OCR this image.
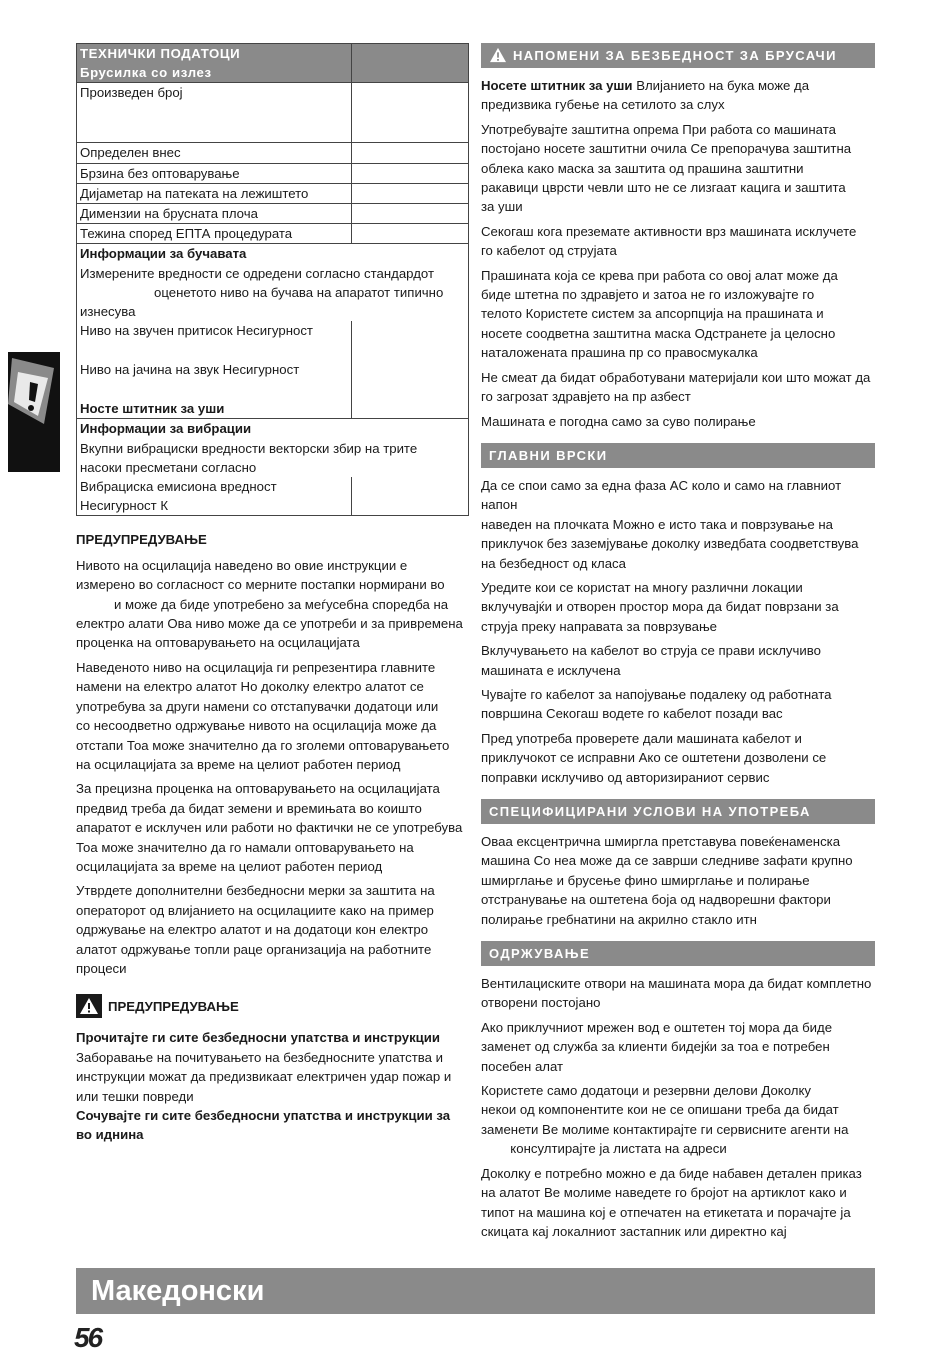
ТЕХНИЧКИ ПОДАТОЦИ
Брусилка со излез	

Произведен број	
Определен внес	
Брзина без оптоварување	
Дијаметар на патеката на лежиштето	
Димензии на брусната плоча	
Тежина според ЕПТА процедурата	

Информации за бучавата
Измерените вредности се одредени согласно стандардот
оценетото ниво на бучава на апаратот типично
изнесува	

Ниво на звучен притисок Несигурност	
Ниво на јачина на звук Несигурност	
Носте штитник за уши	

Информации за вибрации
Вкупни вибрациски вредности векторски збир на трите
насоки пресметани согласно	

Вибрациска емисиона вредност	
Несигурност К	
ПРЕДУПРЕДУВАЊЕ
Нивото на осцилација наведено во овие инструкции е
измерено во согласност со мерните постапки нормирани во
и може да биде употребено за меѓусебна споредба на
електро алати Ова ниво може да се употреби и за привремена
проценка на оптоварувањето на осцилацијата
Наведеното ниво на осцилација ги репрезентира главните
намени на електро алатот Но доколку електро алатот се
употребува за други намени со отстапувачки додатоци или
со несоодветно одржување нивото на осцилација може да
отстапи Тоа може значително да го зголеми оптоварувањето
на осцилацијата за време на целиот работен период
За прецизна проценка на оптоварувањето на осцилацијата
предвид треба да бидат земени и времињата во коишто
апаратот е исклучен или работи но фактички не се употребува
Тоа може значително да го намали оптоварувањето на
осцилацијата за време на целиот работен период
Утврдете дополнителни безбедносни мерки за заштита на
операторот од влијанието на осцилациите како на пример
одржување на електро алатот и на додатоци кон електро
алатот одржување топли раце организација на работните
процеси
ПРЕДУПРЕДУВАЊЕ
Прочитајте ги сите безбедносни упатства и инструкции
Заборавање на почитувањето на безбедносните упатства и
инструкции можат да предизвикаат електричен удар пожар и
или тешки повреди
Сочувајте ги сите безбедносни упатства и инструкции за
во иднина
НАПОМЕНИ ЗА БЕЗБЕДНОСТ ЗА БРУСАЧИ
Носете штитник за уши Влијанието на бука може да
предизвика губење на сетилото за слух
Употребувајте заштитна опрема При работа со машината
постојано носете заштитни очила Се препорачува заштитна
облека како маска за заштита од прашина заштитни
ракавици цврсти чевли што не се лизгаат кацига и заштита
за уши
Секогаш кога преземате активности врз машината исклучете
го кабелот од струјата
Прашината која се крева при работа со овој алат може да
биде штетна по здравјето и затоа не го изложувајте го
телото Користете систем за апсорпција на прашината и
носете соодветна заштитна маска Одстранете ја целосно
наталожената прашина пр со правосмукалка
Не смеат да бидат обработувани материјали кои што можат да
го загрозат здравјето на пр азбест
Машината е погодна само за суво полирање
ГЛАВНИ ВРСКИ
Да се спои само за една фаза AC коло и само на главниот напон
наведен на плочката Можно е исто така и поврзување на
приклучок без заземјување доколку изведбата соодветствува
на безбедност од класа
Уредите кои се користат на многу различни локации
вклучувајќи и отворен простор мора да бидат поврзани за
струја преку направата за поврзување
Вклучувањето на кабелот во струја се прави исклучиво
машината е исклучена
Чувајте го кабелот за напојување подалеку од работната
површина Секогаш водете го кабелот позади вас
Пред употреба проверете дали машината кабелот и
приклучокот се исправни Ако се оштетени дозволени се
поправки исклучиво од авторизираниот сервис
СПЕЦИФИЦИРАНИ УСЛОВИ НА УПОТРЕБА
Оваа ексцентрична шмиргла претставува повеќенаменска
машина Со неа може да се заврши следниве зафати крупно
шмирглање и брусење фино шмирглање и полирање
отстранување на оштетена боја од надворешни фактори
полирање гребнатини на акрилно стакло итн
ОДРЖУВАЊЕ
Вентилациските отвори на машината мора да бидат комплетно
отворени постојано
Ако приклучниот мрежен вод е оштетен тој мора да биде
заменет од служба за клиенти бидејќи за тоа е потребен
посебен алат
Користете само додатоци и резервни делови Доколку
некои од компонентите кои не се опишани треба да бидат
заменети Ве молиме контактирајте ги сервисните агенти на
консултирајте ја листата на адреси
Доколку е потребно можно е да биде набавен детален приказ
на алатот Ве молиме наведете го бројот на артиклот како и
типот на машина кој е отпечатен на етикетата и порачајте ја
скицата кај локалниот застапник или директно кај
Македонски
56
